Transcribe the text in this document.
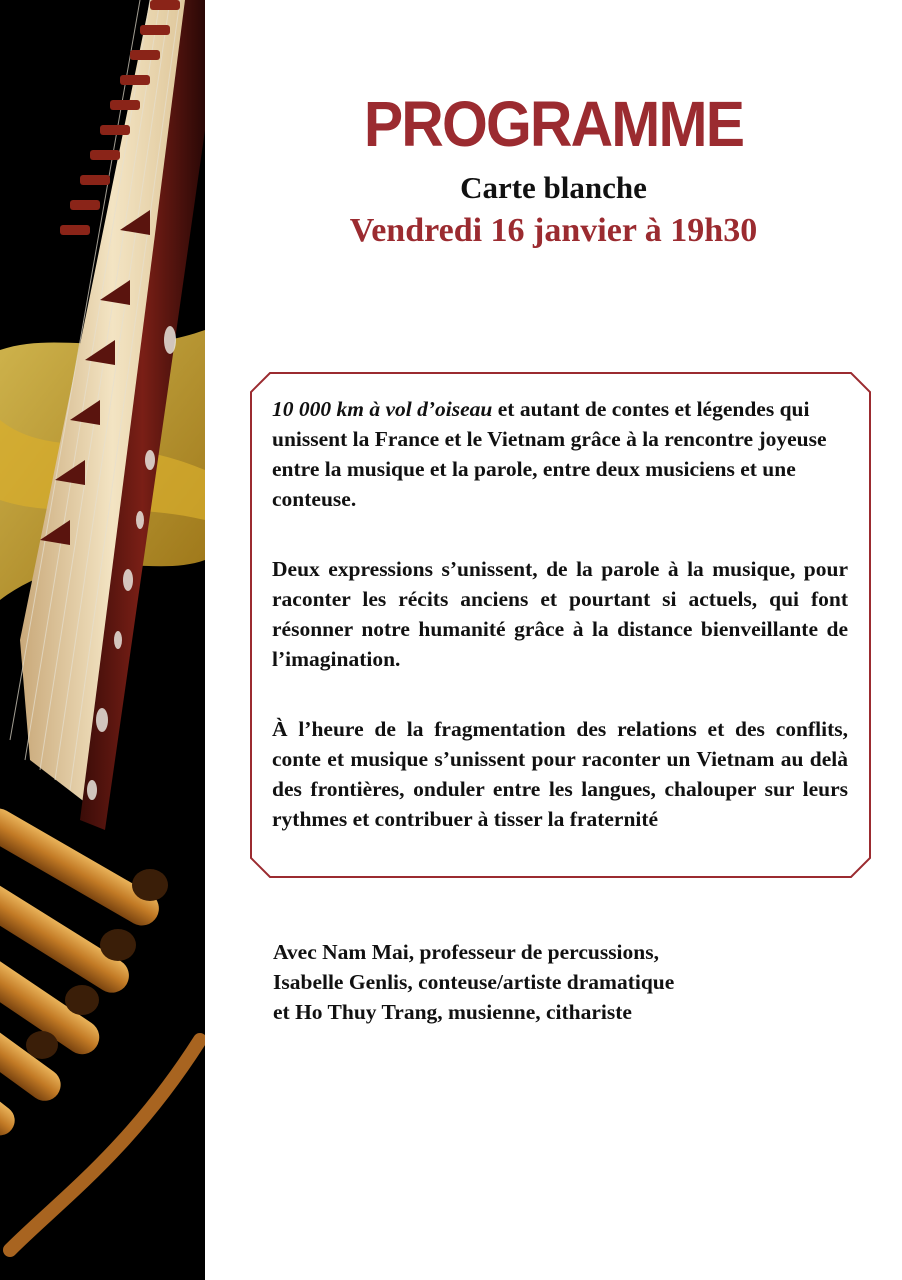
PROGRAMME
Carte blanche
Vendredi 16 janvier à 19h30

10 000 km à vol d’oiseau et autant de contes et légendes qui unissent la France et le Vietnam grâce à la rencontre joyeuse entre la musique et la parole, entre deux musiciens et une conteuse.

Deux expressions s’unissent, de la parole à la musique, pour raconter les récits anciens et pourtant si actuels, qui font résonner notre humanité grâce à la distance bienveillante de l’imagination.

À l’heure de la fragmentation des relations et des conflits, conte et musique s’unissent pour raconter un Vietnam au delà des frontières, onduler entre les langues, chalouper sur leurs rythmes et contribuer à tisser la fraternité

Avec Nam Mai, professeur de percussions,
Isabelle Genlis, conteuse/artiste dramatique
et Ho Thuy Trang, musienne, cithariste
